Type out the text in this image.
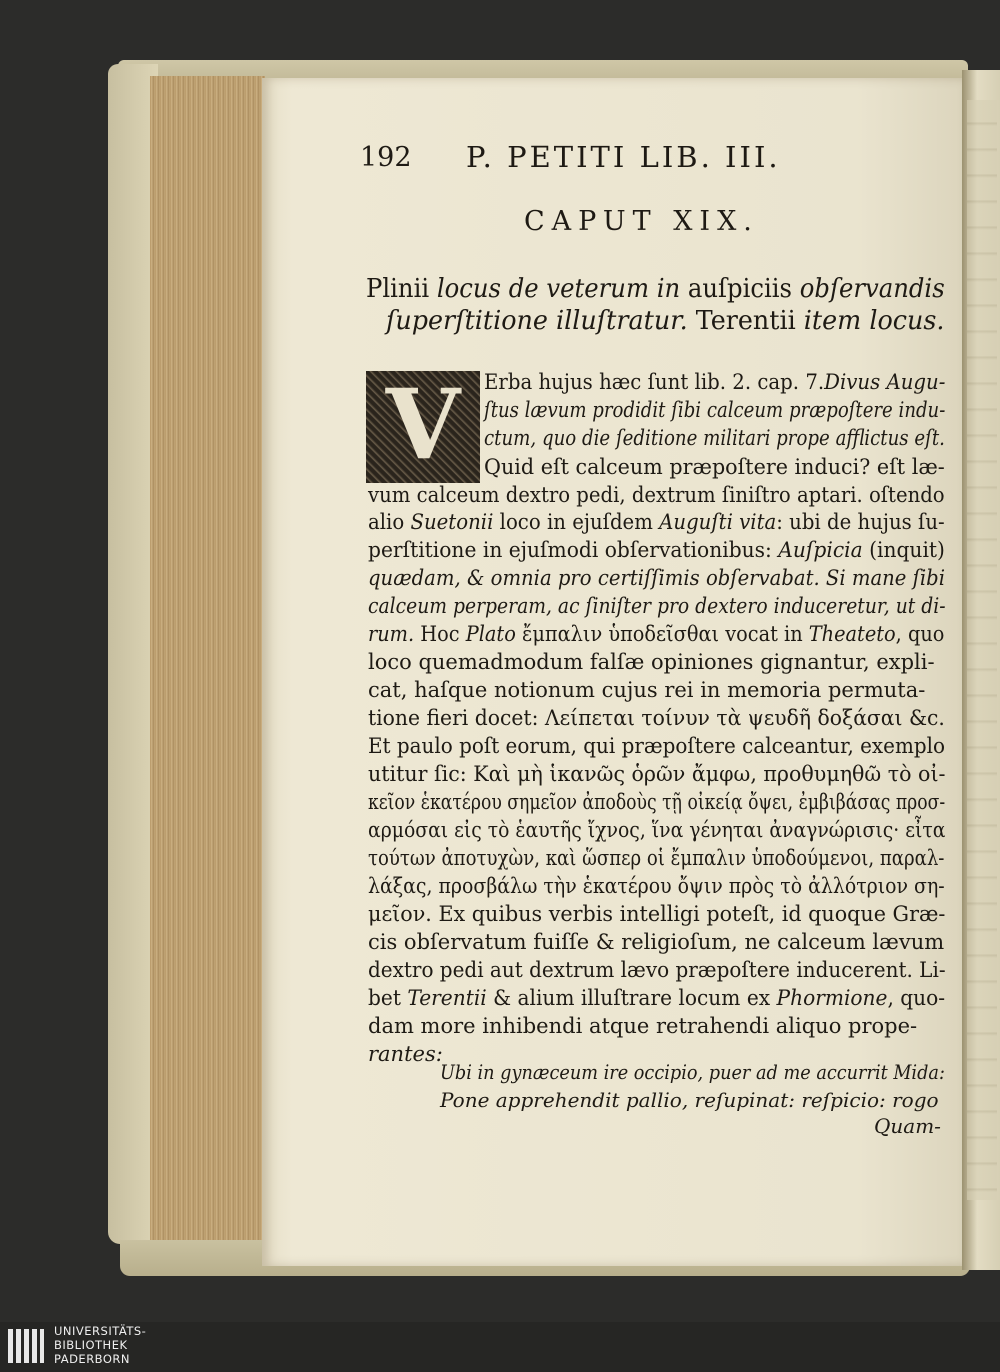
192 P. PETITI LIB. III.
CAPUT XIX.
Plinii locus de veterum in auſpiciis obſervandis
ſuperſtitione illuſtratur. Terentii item locus.
V Erba hujus hæc ſunt lib. 2. cap. 7.Divus Augu-
ſtus lævum prodidit ſibi calceum præpoſtere indu-
ctum, quo die ſeditione militari prope afflictus eſt.
Quid eſt calceum præpoſtere induci? eſt læ-
vum calceum dextro pedi, dextrum ſiniſtro aptari. oſtendo
alio Suetonii loco in ejuſdem Auguſti vita: ubi de hujus ſu-
perſtitione in ejuſmodi obſervationibus: Auſpicia (inquit)
quædam, & omnia pro certiſſimis obſervabat. Si mane ſibi
calceum perperam, ac ſiniſter pro dextero induceretur, ut di-
rum. Hoc Plato ἔμπαλιν ὑποδεῖσθαι vocat in Theateto, quo
loco quemadmodum falſæ opiniones gignantur, expli-
cat, haſque notionum cujus rei in memoria permuta-
tione fieri docet: Λείπεται τοίνυν τὰ ψευδῆ δοξάσαι &c.
Et paulo poſt eorum, qui præpoſtere calceantur, exemplo
utitur ſic: Καὶ μὴ ἱκανῶς ὁρῶν ἄμφω, προθυμηθῶ τὸ οἰ-
κεῖον ἑκατέρου σημεῖον ἀποδοὺς τῇ οἰκείᾳ ὄψει, ἐμβιβάσας προσ-
αρμόσαι εἰς τὸ ἑαυτῆς ἴχνος, ἵνα γένηται ἀναγνώρισις· εἶτα
τούτων ἀποτυχὼν, καὶ ὥσπερ οἱ ἔμπαλιν ὑποδούμενοι, παραλ-
λάξας, προσβάλω τὴν ἑκατέρου ὄψιν πρὸς τὸ ἀλλότριον ση-
μεῖον. Ex quibus verbis intelligi poteſt, id quoque Græ-
cis obſervatum fuiſſe & religioſum, ne calceum lævum
dextro pedi aut dextrum lævo præpoſtere inducerent. Li-
bet Terentii & alium illuſtrare locum ex Phormione, quo-
dam more inhibendi atque retrahendi aliquo prope-
rantes:
Ubi in gynæceum ire occipio, puer ad me accurrit Mida:
Pone apprehendit pallio, reſupinat: reſpicio: rogo
Quam-
UNIVERSITÄTS-
BIBLIOTHEK
PADERBORN
